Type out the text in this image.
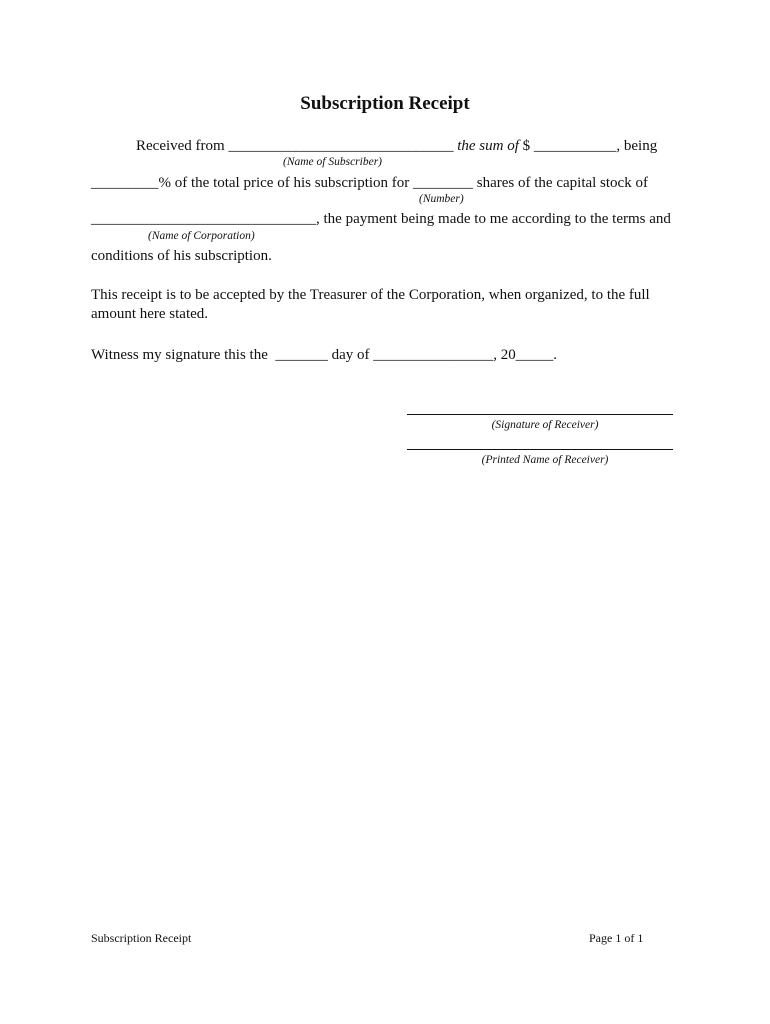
Subscription Receipt
Received from ______________________________ the sum of $ ___________, being
(Name of Subscriber)
_________% of the total price of his subscription for ________ shares of the capital stock of
(Number)
______________________________, the payment being made to me according to the terms and
(Name of Corporation)
conditions of his subscription.
This receipt is to be accepted by the Treasurer of the Corporation, when organized, to the full
amount here stated.
Witness my signature this the  _______ day of ________________, 20_____.
(Signature of Receiver)
(Printed Name of Receiver)
Subscription Receipt	Page 1 of 1
